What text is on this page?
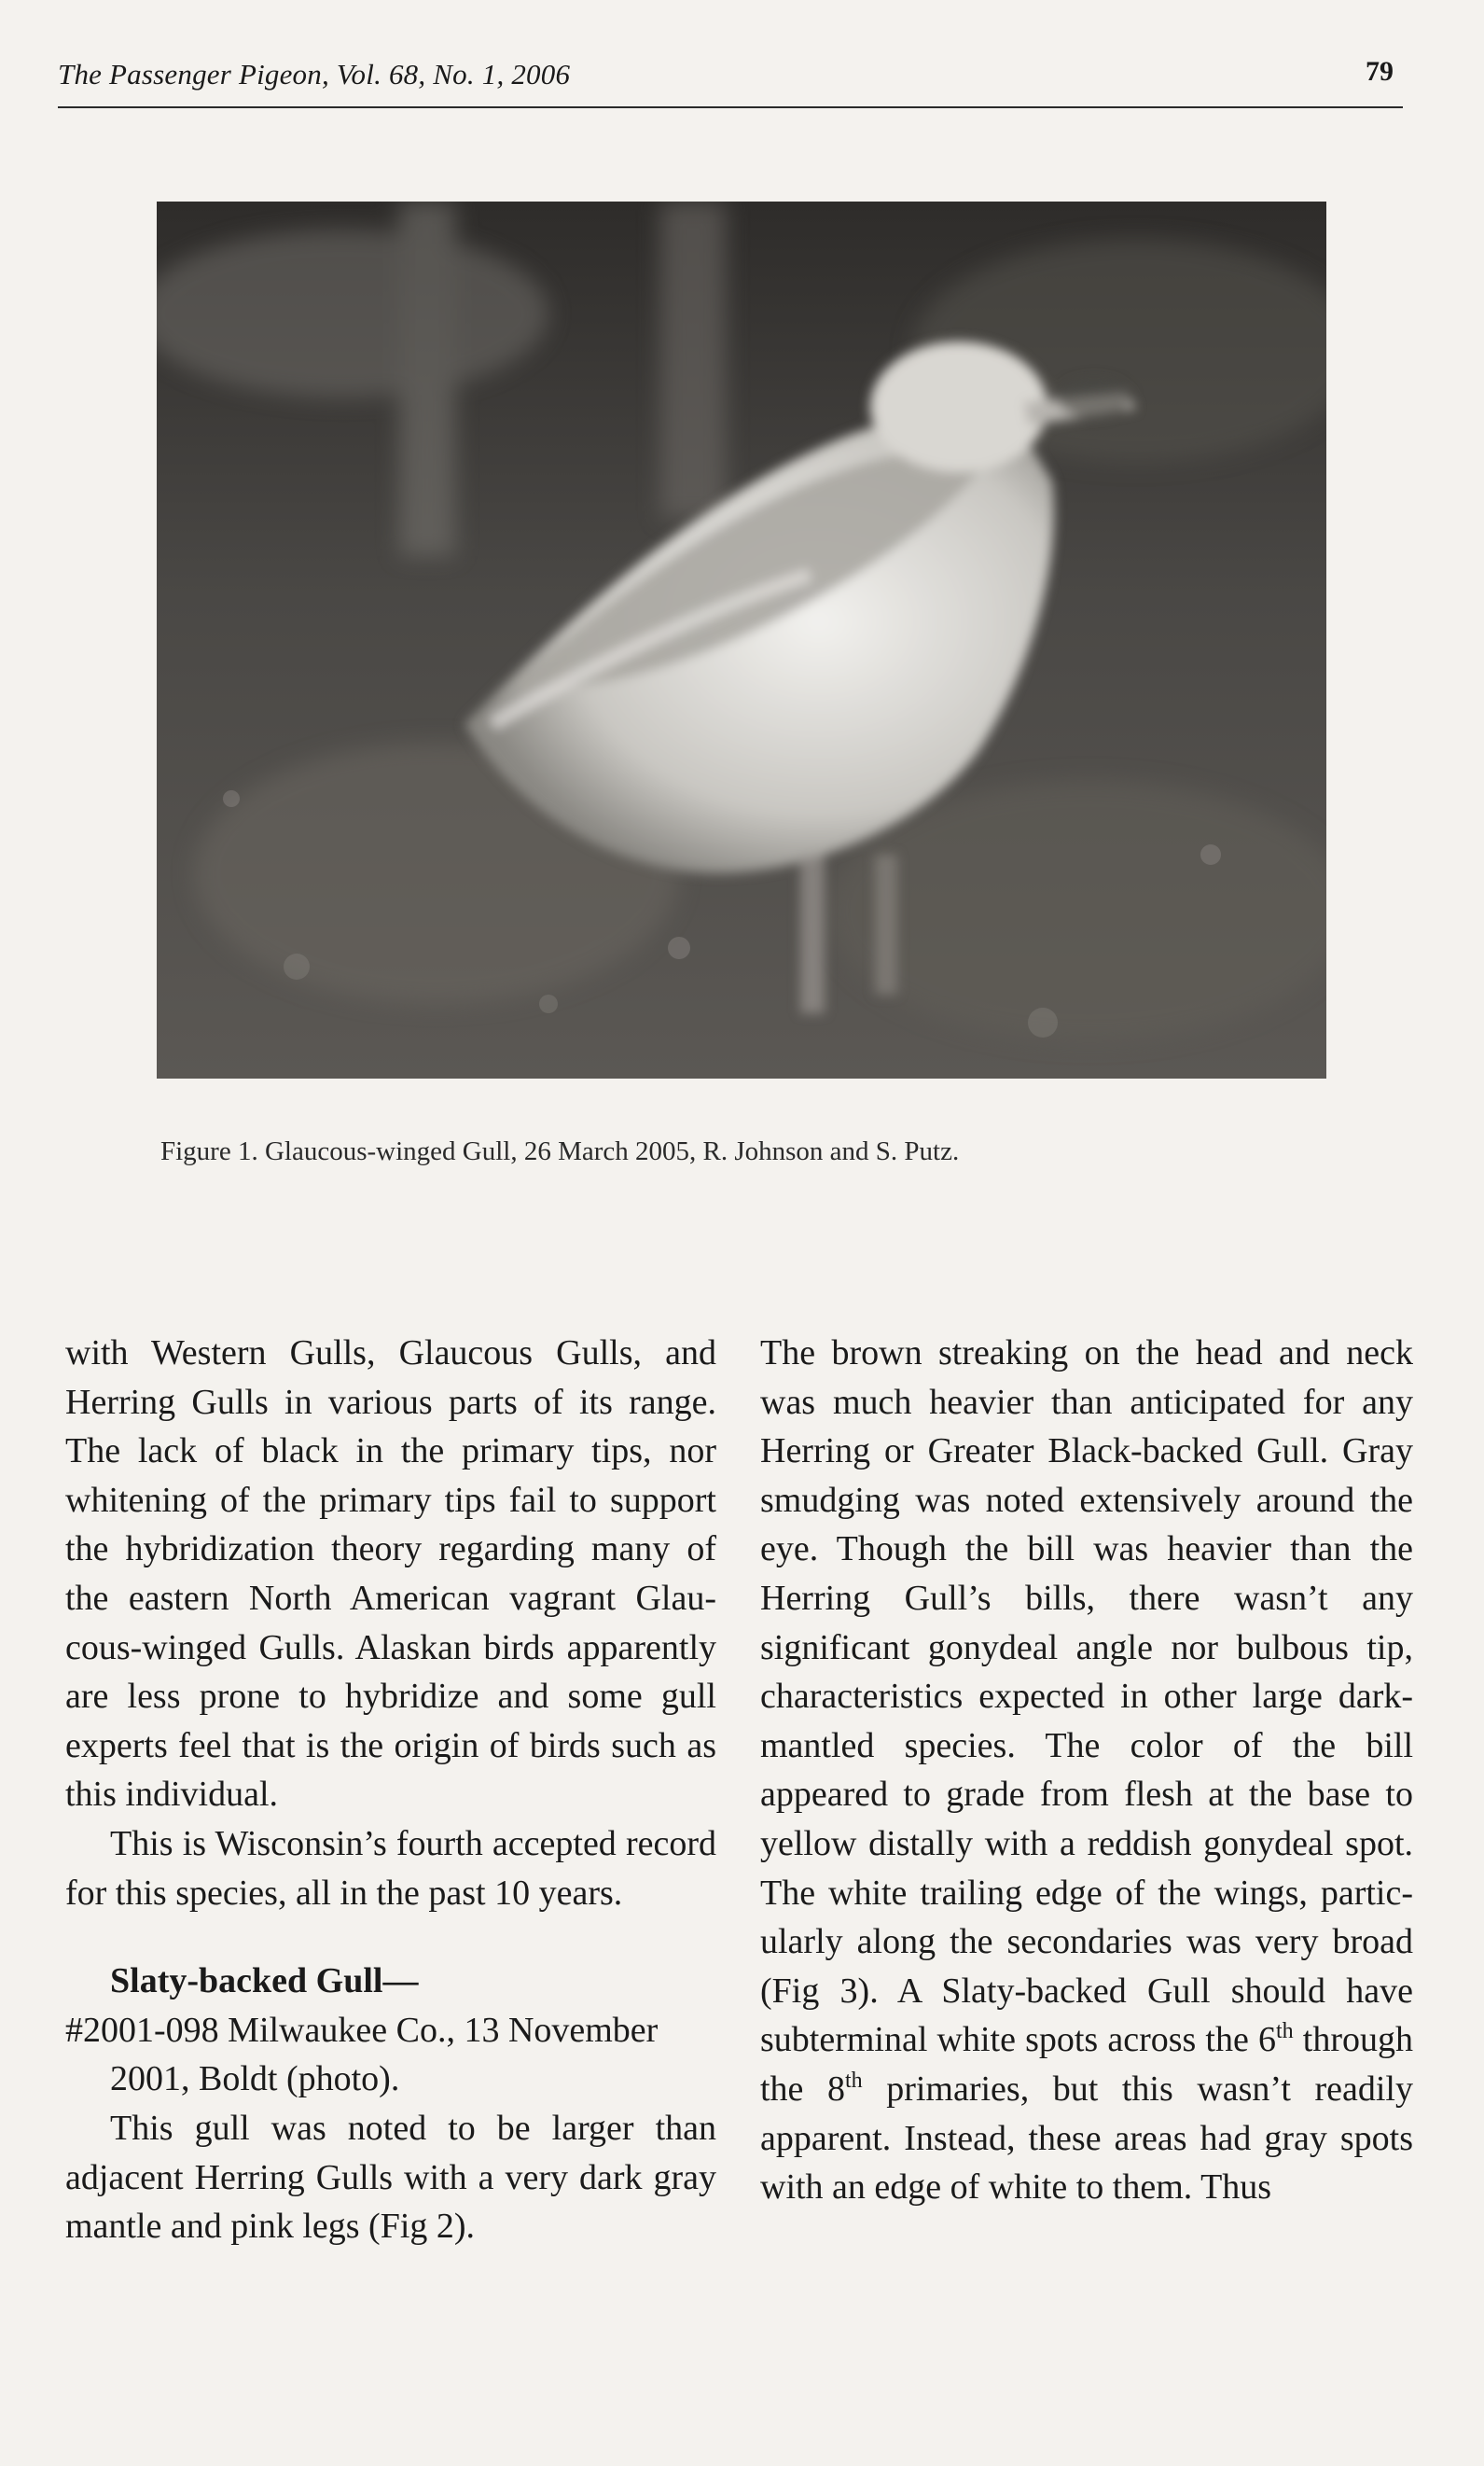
The Passenger Pigeon, Vol. 68, No. 1, 2006	79
Figure 1. Glaucous-winged Gull, 26 March 2005, R. Johnson and S. Putz.

with Western Gulls, Glaucous Gulls, and Herring Gulls in various parts of its range. The lack of black in the primary tips, nor whitening of the primary tips fail to support the hybridization theory regarding many of the eastern North American vagrant Glaucous-winged Gulls. Alaskan birds apparently are less prone to hybridize and some gull experts feel that is the origin of birds such as this individual.

This is Wisconsin’s fourth accepted record for this species, all in the past 10 years.

Slaty-backed Gull—

#2001-098 Milwaukee Co., 13 November 2001, Boldt (photo).

This gull was noted to be larger than adjacent Herring Gulls with a very dark gray mantle and pink legs (Fig 2).

The brown streaking on the head and neck was much heavier than anticipated for any Herring or Greater Black-backed Gull. Gray smudging was noted extensively around the eye. Though the bill was heavier than the Herring Gull’s bills, there wasn’t any significant gonydeal angle nor bulbous tip, characteristics expected in other large dark-mantled species. The color of the bill appeared to grade from flesh at the base to yellow distally with a reddish gonydeal spot. The white trailing edge of the wings, particularly along the secondaries was very broad (Fig 3). A Slaty-backed Gull should have subterminal white spots across the 6th through the 8th primaries, but this wasn’t readily apparent. Instead, these areas had gray spots with an edge of white to them. Thus
